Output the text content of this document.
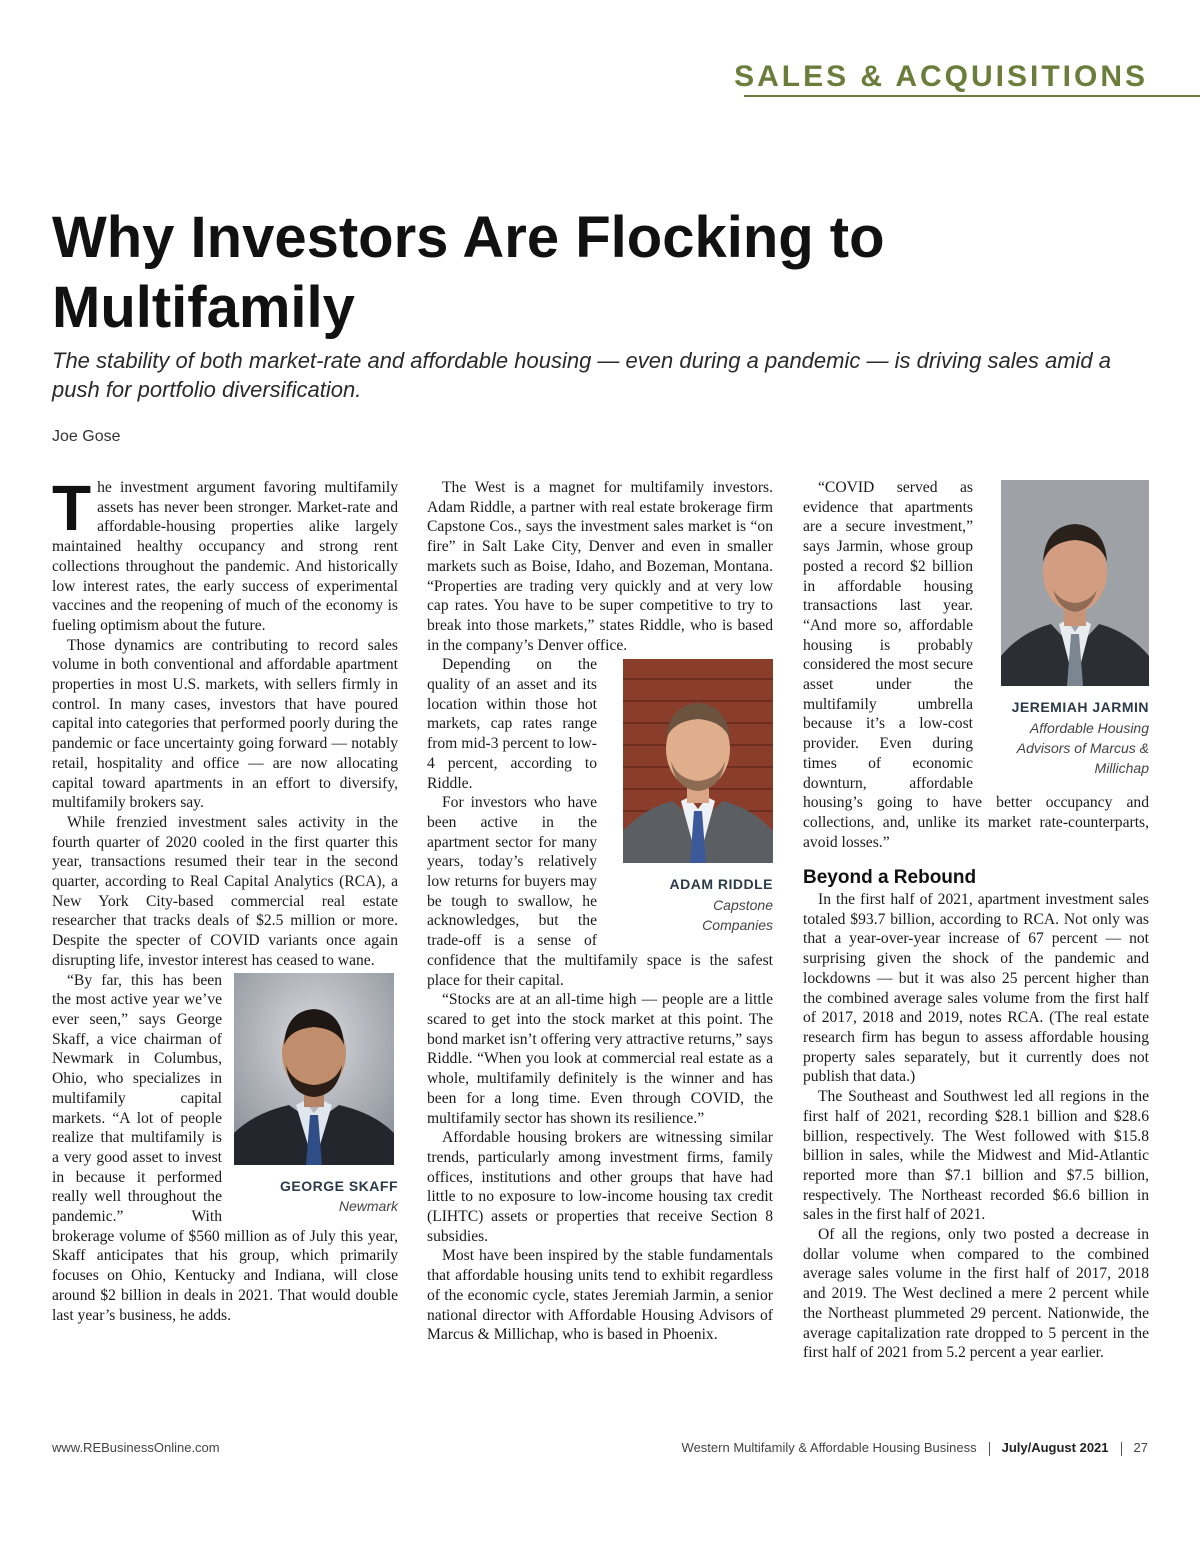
SALES & ACQUISITIONS
Why Investors Are Flocking to Multifamily

The stability of both market-rate and affordable housing — even during a pandemic — is driving sales amid a push for portfolio diversification.

Joe Gose

The investment argument favoring multifamily assets has never been stronger. Market-rate and affordable-housing properties alike largely maintained healthy occupancy and strong rent collections throughout the pandemic. And historically low interest rates, the early success of experimental vaccines and the reopening of much of the economy is fueling optimism about the future.

Those dynamics are contributing to record sales volume in both conventional and affordable apartment properties in most U.S. markets, with sellers firmly in control. In many cases, investors that have poured capital into categories that performed poorly during the pandemic or face uncertainty going forward — notably retail, hospitality and office — are now allocating capital toward apartments in an effort to diversify, multifamily brokers say.

While frenzied investment sales activity in the fourth quarter of 2020 cooled in the first quarter this year, transactions resumed their tear in the second quarter, according to Real Capital Analytics (RCA), a New York City-based commercial real estate researcher that tracks deals of $2.5 million or more. Despite the specter of COVID variants once again disrupting life, investor interest has ceased to wane.

GEORGE SKAFF
Newmark

“By far, this has been the most active year we’ve ever seen,” says George Skaff, a vice chairman of Newmark in Columbus, Ohio, who specializes in multifamily capital markets. “A lot of people realize that multifamily is a very good asset to invest in because it performed really well throughout the pandemic.” With brokerage volume of $560 million as of July this year, Skaff anticipates that his group, which primarily focuses on Ohio, Kentucky and Indiana, will close around $2 billion in deals in 2021. That would double last year’s business, he adds.

The West is a magnet for multifamily investors. Adam Riddle, a partner with real estate brokerage firm Capstone Cos., says the investment sales market is “on fire” in Salt Lake City, Denver and even in smaller markets such as Boise, Idaho, and Bozeman, Montana. “Properties are trading very quickly and at very low cap rates. You have to be super competitive to try to break into those markets,” states Riddle, who is based in the company’s Denver office.

ADAM RIDDLE
Capstone Companies

Depending on the quality of an asset and its location within those hot markets, cap rates range from mid-3 percent to low-4 percent, according to Riddle.

For investors who have been active in the apartment sector for many years, today’s relatively low returns for buyers may be tough to swallow, he acknowledges, but the trade-off is a sense of confidence that the multifamily space is the safest place for their capital.

“Stocks are at an all-time high — people are a little scared to get into the stock market at this point. The bond market isn’t offering very attractive returns,” says Riddle. “When you look at commercial real estate as a whole, multifamily definitely is the winner and has been for a long time. Even through COVID, the multifamily sector has shown its resilience.”

Affordable housing brokers are witnessing similar trends, particularly among investment firms, family offices, institutions and other groups that have had little to no exposure to low-income housing tax credit (LIHTC) assets or properties that receive Section 8 subsidies.

Most have been inspired by the stable fundamentals that affordable housing units tend to exhibit regardless of the economic cycle, states Jeremiah Jarmin, a senior national director with Affordable Housing Advisors of Marcus & Millichap, who is based in Phoenix.

JEREMIAH JARMIN
Affordable Housing Advisors of Marcus & Millichap

“COVID served as evidence that apartments are a secure investment,” says Jarmin, whose group posted a record $2 billion in affordable housing transactions last year. “And more so, affordable housing is probably considered the most secure asset under the multifamily umbrella because it’s a low-cost provider. Even during times of economic downturn, affordable housing’s going to have better occupancy and collections, and, unlike its market rate-counterparts, avoid losses.”

Beyond a Rebound

In the first half of 2021, apartment investment sales totaled $93.7 billion, according to RCA. Not only was that a year-over-year increase of 67 percent — not surprising given the shock of the pandemic and lockdowns — but it was also 25 percent higher than the combined average sales volume from the first half of 2017, 2018 and 2019, notes RCA. (The real estate research firm has begun to assess affordable housing property sales separately, but it currently does not publish that data.)

The Southeast and Southwest led all regions in the first half of 2021, recording $28.1 billion and $28.6 billion, respectively. The West followed with $15.8 billion in sales, while the Midwest and Mid-Atlantic reported more than $7.1 billion and $7.5 billion, respectively. The Northeast recorded $6.6 billion in sales in the first half of 2021.

Of all the regions, only two posted a decrease in dollar volume when compared to the combined average sales volume in the first half of 2017, 2018 and 2019. The West declined a mere 2 percent while the Northeast plummeted 29 percent. Nationwide, the average capitalization rate dropped to 5 percent in the first half of 2021 from 5.2 percent a year earlier.

www.REBusinessOnline.com	Western Multifamily & Affordable Housing Business July/August 2021 27
